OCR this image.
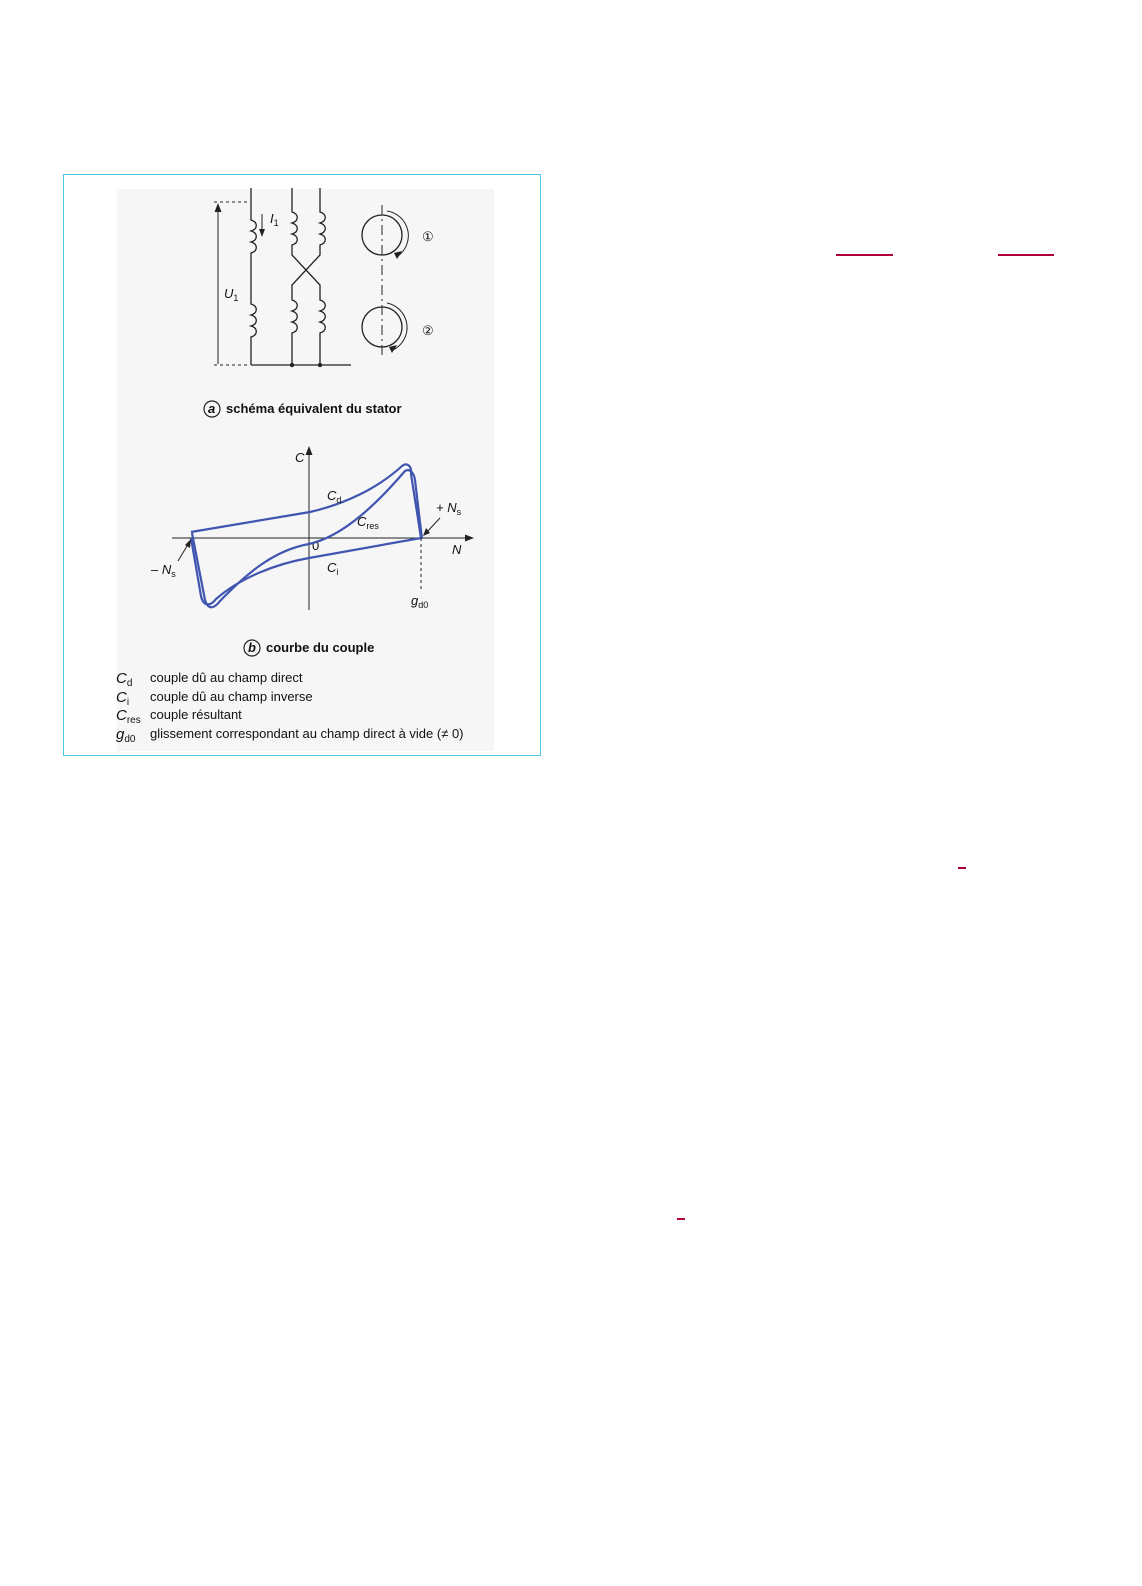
$U_1$
$I_1$
①
②
a schéma équivalent du stator
C
N
0
$C_d$
$C_{res}$
$C_i$
+ $N_s$
– $N_s$
$g_{d0}$
b courbe du couple
$C_d$	couple dû au champ direct
$C_i$	couple dû au champ inverse
$C_{res}$ couple résultant
$g_{d0}$	glissement correspondant au champ direct à vide (≠ 0)
